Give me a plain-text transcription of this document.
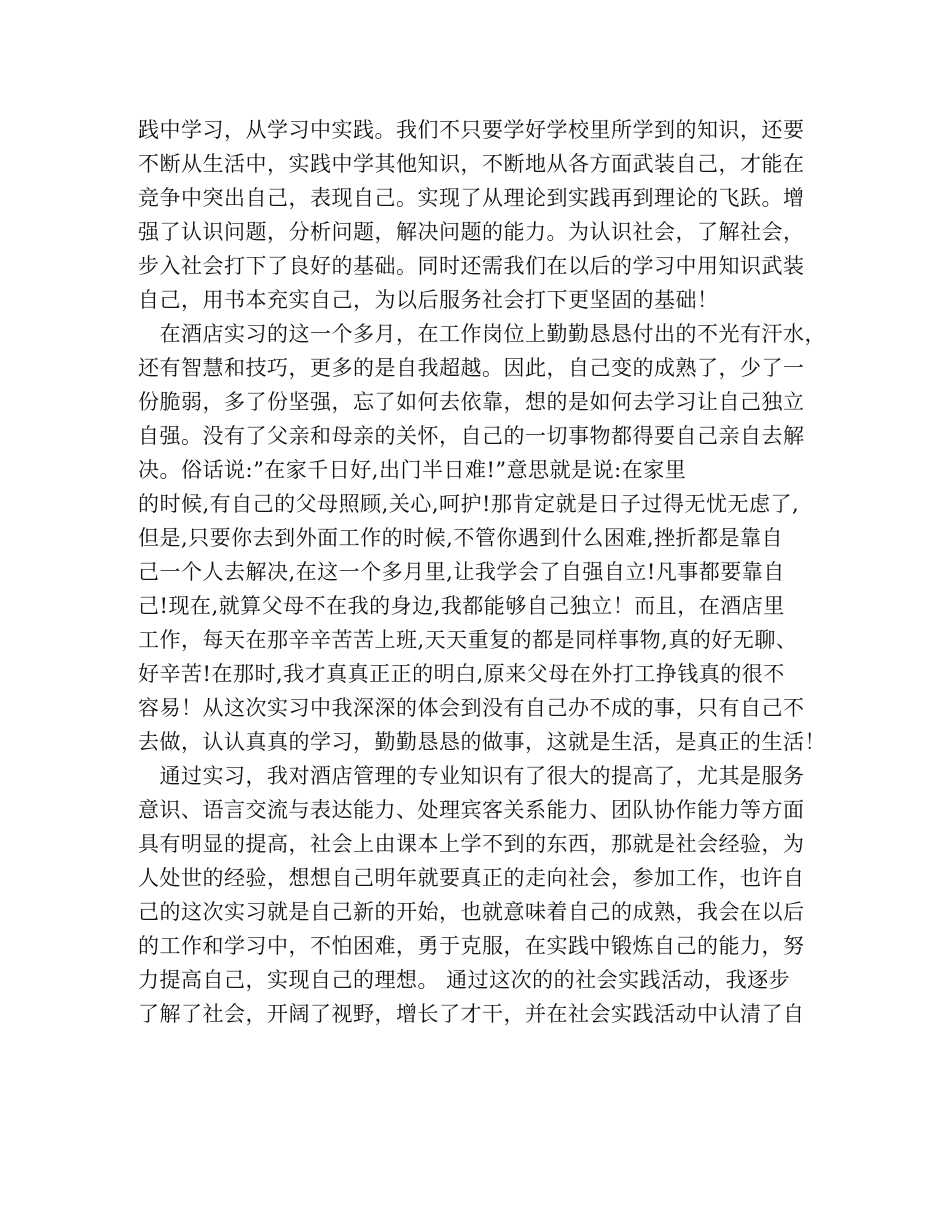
践中学习，从学习中实践。我们不只要学好学校里所学到的知识，还要
不断从生活中，实践中学其他知识，不断地从各方面武装自己，才能在
竞争中突出自己，表现自己。实现了从理论到实践再到理论的飞跃。增
强了认识问题，分析问题，解决问题的能力。为认识社会，了解社会，
步入社会打下了良好的基础。同时还需我们在以后的学习中用知识武装
自己，用书本充实自己，为以后服务社会打下更坚固的基础！
　在酒店实习的这一个多月，在工作岗位上勤勤恳恳付出的不光有汗水，
还有智慧和技巧，更多的是自我超越。因此，自己变的成熟了，少了一
份脆弱，多了份坚强，忘了如何去依靠，想的是如何去学习让自己独立
自强。没有了父亲和母亲的关怀，自己的一切事物都得要自己亲自去解
决。俗话说:”在家千日好,出门半日难!”意思就是说:在家里
的时候,有自己的父母照顾,关心,呵护!那肯定就是日子过得无忧无虑了,
但是,只要你去到外面工作的时候,不管你遇到什么困难,挫折都是靠自
己一个人去解决,在这一个多月里,让我学会了自强自立!凡事都要靠自
己!现在,就算父母不在我的身边,我都能够自己独立！而且，在酒店里
工作，每天在那辛辛苦苦上班,天天重复的都是同样事物,真的好无聊、
好辛苦!在那时,我才真真正正的明白,原来父母在外打工挣钱真的很不
容易！从这次实习中我深深的体会到没有自己办不成的事，只有自己不
去做，认认真真的学习，勤勤恳恳的做事，这就是生活，是真正的生活！
　通过实习，我对酒店管理的专业知识有了很大的提高了，尤其是服务
意识、语言交流与表达能力、处理宾客关系能力、团队协作能力等方面
具有明显的提高，社会上由课本上学不到的东西，那就是社会经验，为
人处世的经验，想想自己明年就要真正的走向社会，参加工作，也许自
己的这次实习就是自己新的开始，也就意味着自己的成熟，我会在以后
的工作和学习中，不怕困难，勇于克服，在实践中锻炼自己的能力，努
力提高自己，实现自己的理想。 通过这次的的社会实践活动，我逐步
了解了社会，开阔了视野，增长了才干，并在社会实践活动中认清了自
